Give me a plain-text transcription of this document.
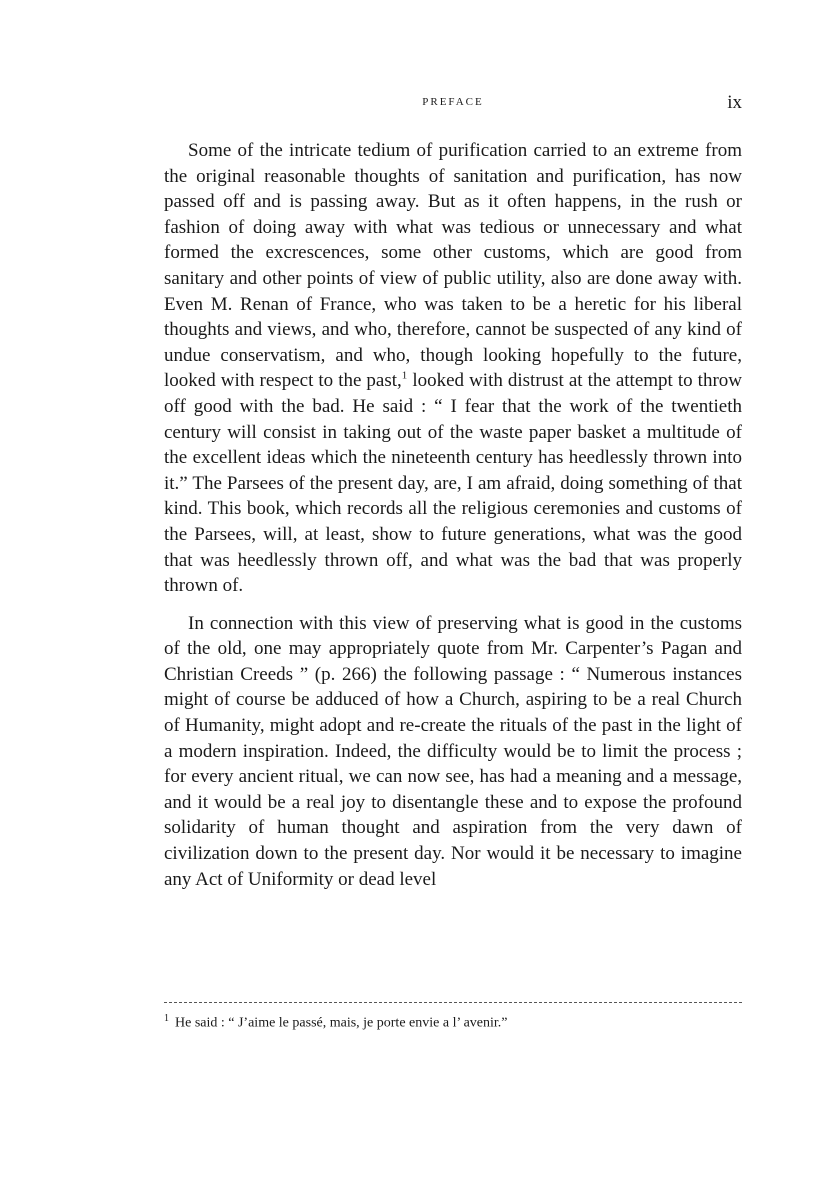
PREFACE	ix

Some of the intricate tedium of purification carried to an extreme from the original reasonable thoughts of sanitation and purification, has now passed off and is passing away. But as it often happens, in the rush or fashion of doing away with what was tedious or unnecessary and what formed the excrescences, some other customs, which are good from sanitary and other points of view of public utility, also are done away with. Even M. Renan of France, who was taken to be a heretic for his liberal thoughts and views, and who, therefore, cannot be suspected of any kind of undue conservatism, and who, though looking hopefully to the future, looked with respect to the past,$^1$ looked with distrust at the attempt to throw off good with the bad. He said : “ I fear that the work of the twentieth century will consist in taking out of the waste paper basket a multitude of the excellent ideas which the nineteenth century has heedlessly thrown into it.” The Parsees of the present day, are, I am afraid, doing something of that kind. This book, which records all the religious ceremonies and customs of the Parsees, will, at least, show to future generations, what was the good that was heedlessly thrown off, and what was the bad that was properly thrown of.

In connection with this view of preserving what is good in the customs of the old, one may appropriately quote from Mr. Carpenter’s Pagan and Christian Creeds ” (p. 266) the following passage : “ Numerous instances might of course be adduced of how a Church, aspiring to be a real Church of Humanity, might adopt and re-create the rituals of the past in the light of a modern inspiration. Indeed, the difficulty would be to limit the process ; for every ancient ritual, we can now see, has had a meaning and a message, and it would be a real joy to disentangle these and to expose the profound solidarity of human thought and aspiration from the very dawn of civilization down to the present day. Nor would it be necessary to imagine any Act of Uniformity or dead level

$^1$ He said : “ J’aime le passé, mais, je porte envie a l’ avenir.”
